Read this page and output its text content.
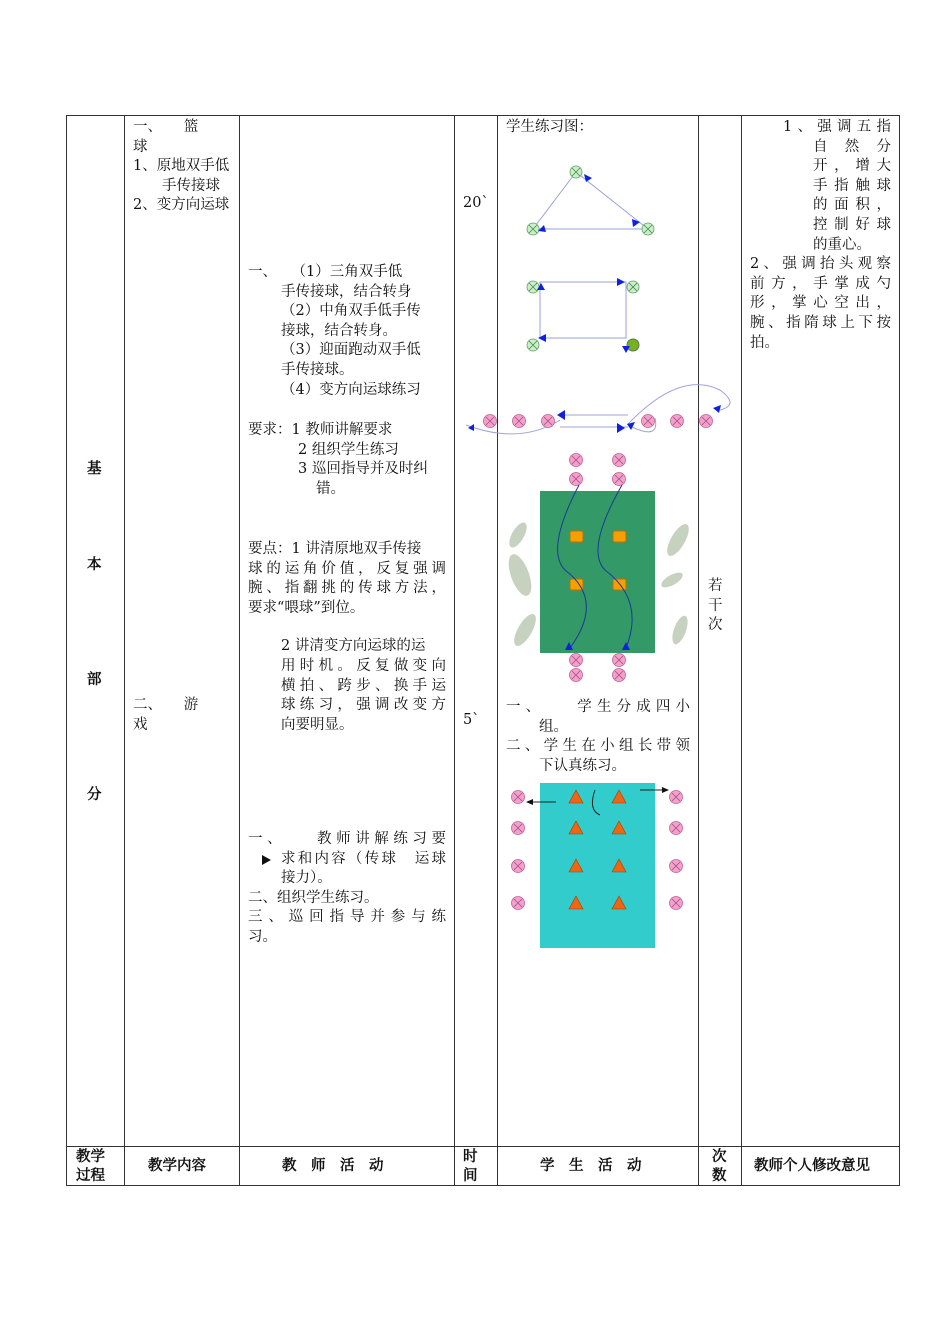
基
本
部
分
一、　　篮　　球
1、原地双手低手传接球
2、变方向运球
二、　　游　　戏
一、　　（1）三角双手低
手传接球，结合转身
（2）中角双手低手传
接球，结合转身。
（3）迎面跑动双手低
手传接球。
（4）变方向运球练习
要求：1 教师讲解要求
2 组织学生练习
3 巡回指导并及时纠
错。
要点：1 讲清原地双手传接
球的运角价值，反复强调
腕、指翻挑的传球方法，
要求“喂球”到位。
2 讲清变方向运球的运
用时机。反复做变向
横拍、跨步、换手运
球练习，强调改变方
向要明显。
一、　　教师讲解练习要
求和内容（传球　运球
接力）。
二、组织学生练习。
三、巡回指导并参与练
习。
20`
5`
学生练习图：
一、　　学生分成四小
组。
二、学生在小组长带领
下认真练习。
若
干
次
1、强调五指
自　然　分
开，增大
手指触球
的面积，
控制好球
的重心。
2、强调抬头观察
前方，手掌成勺
形，掌心空出，
腕、指隋球上下按
拍。
教学
过程
教学内容	教　师　活　动
时
间
学　生　活　动
次
数
教师个人修改意见
